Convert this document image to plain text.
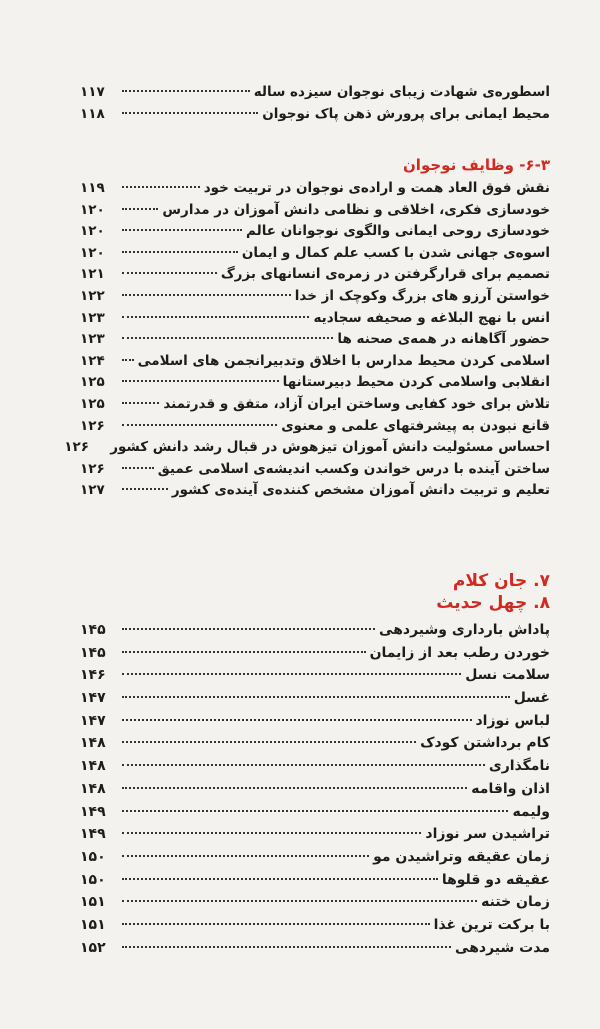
اسطوره‌ی شهادت زیبای نوجوان سیزده ساله
۱۱۷
محیط ایمانی برای پرورش ذهن پاک نوجوان
۱۱۸
۶-۳- وظایف نوجوان
نقش فوق العاد همت و اراده‌ی نوجوان در تربیت خود
۱۱۹
خودسازی فکری، اخلاقی و نظامی دانش آموزان در مدارس
۱۲۰
خودسازی روحی ایمانی والگوی نوجوانان عالم
۱۲۰
اسوه‌ی جهانی شدن با کسب علم کمال و ایمان
۱۲۰
تصمیم برای قرارگرفتن در زمره‌ی انسانهای بزرگ
۱۲۱
خواستن آرزو های بزرگ وکوچک از خدا
۱۲۲
انس با نهج البلاغه و صحیفه سجادیه
۱۲۳
حضور آگاهانه در همه‌ی صحنه ها
۱۲۳
اسلامی کردن محیط مدارس با اخلاق وتدبیرانجمن های اسلامی
۱۲۴
انقلابی واسلامی کردن محیط دبیرستانها
۱۲۵
تلاش برای خود کفایی وساختن ایران آزاد، متفق و قدرتمند
۱۲۵
قانع نبودن به پیشرفتهای علمی و معنوی
۱۲۶
احساس مسئولیت دانش آموزان تیزهوش در قبال رشد دانش کشور
۱۲۶
ساختن آینده با درس خواندن وکسب اندیشه‌ی اسلامی عمیق
۱۲۶
تعلیم و تربیت دانش آموزان مشخص کننده‌ی آینده‌ی کشور
۱۲۷
۷. جان کلام
۸. چهل حدیث
پاداش بارداری وشیردهی
۱۴۵
خوردن رطب بعد از زایمان
۱۴۵
سلامت نسل
۱۴۶
غسل
۱۴۷
لباس نوزاد
۱۴۷
کام برداشتن کودک
۱۴۸
نامگذاری
۱۴۸
اذان واقامه
۱۴۸
ولیمه
۱۴۹
تراشیدن سر نوزاد
۱۴۹
زمان عقیقه وتراشیدن مو
۱۵۰
عقیقه دو قلوها
۱۵۰
زمان ختنه
۱۵۱
با برکت ترین غذا
۱۵۱
مدت شیردهی
۱۵۲
